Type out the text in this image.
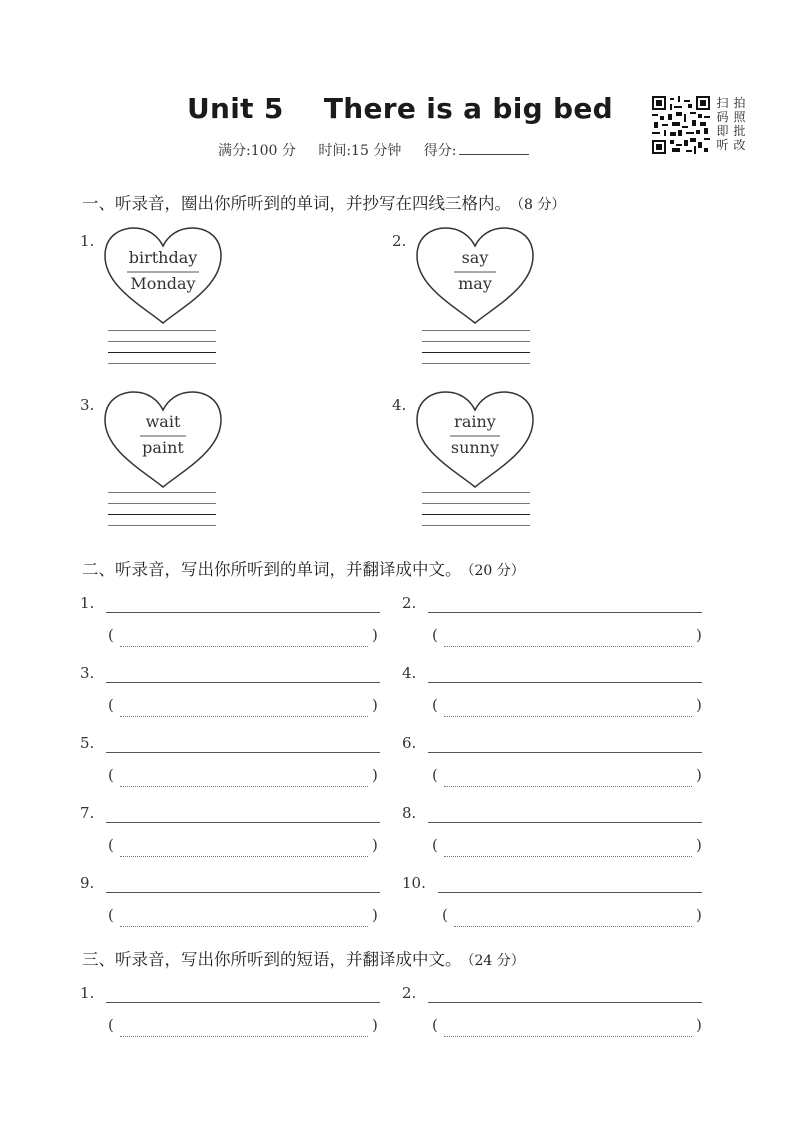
Unit 5    There is a big bed
满分:100 分 时间:15 分钟 得分:
扫 拍
码 照
即 批
听 改
一、听录音，圈出你所听到的单词，并抄写在四线三格内。 （8 分）
1.
birthday
Monday
2.
say
may
3.
wait
paint
4.
rainy
sunny
二、听录音，写出你所听到的单词，并翻译成中文。 （20 分）
1.
(	)
2.
(	)
3.
(	)
4.
(	)
5.
(	)
6.
(	)
7.
(	)
8.
(	)
9.
(	)
10.
(	)
三、听录音，写出你所听到的短语，并翻译成中文。 （24 分）
1.
(	)
2.
(	)
